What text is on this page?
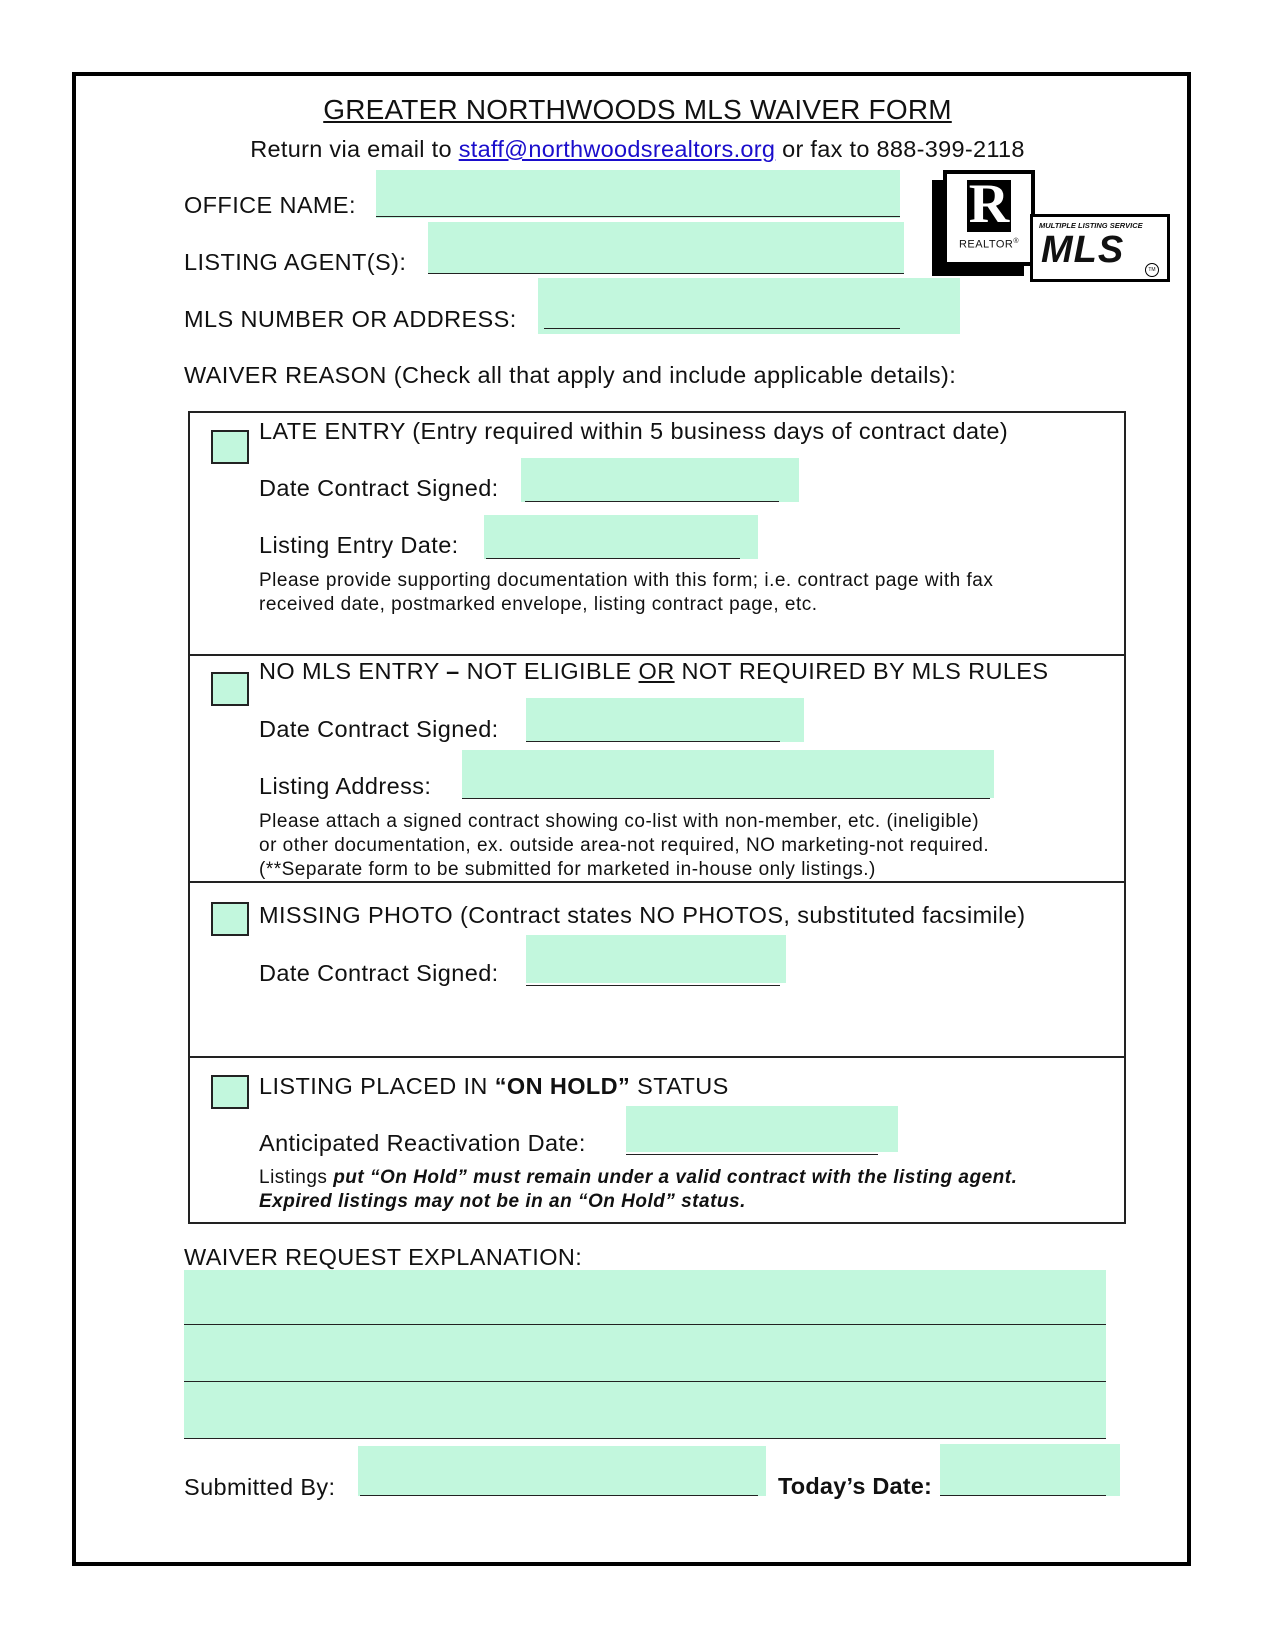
GREATER NORTHWOODS MLS WAIVER FORM
Return via email to staff@northwoodsrealtors.org or fax to 888-399-2118
R
REALTOR®
MULTIPLE LISTING SERVICE
MLS	TM
OFFICE NAME:
LISTING AGENT(S):
MLS NUMBER OR ADDRESS:
WAIVER REASON (Check all that apply and include applicable details):
LATE ENTRY (Entry required within 5 business days of contract date)
Date Contract Signed:
Listing Entry Date:
Please provide supporting documentation with this form; i.e. contract page with fax
received date, postmarked envelope, listing contract page, etc.
NO MLS ENTRY – NOT ELIGIBLE OR NOT REQUIRED BY MLS RULES
Date Contract Signed:
Listing Address:
Please attach a signed contract showing co-list with non-member, etc. (ineligible)
or other documentation, ex. outside area-not required, NO marketing-not required.
(**Separate form to be submitted for marketed in-house only listings.)
MISSING PHOTO (Contract states NO PHOTOS, substituted facsimile)
Date Contract Signed:
LISTING PLACED IN “ON HOLD” STATUS
Anticipated Reactivation Date:
Listings put “On Hold” must remain under a valid contract with the listing agent.
Expired listings may not be in an “On Hold” status.
WAIVER REQUEST EXPLANATION:
Submitted By:	Today’s Date:
